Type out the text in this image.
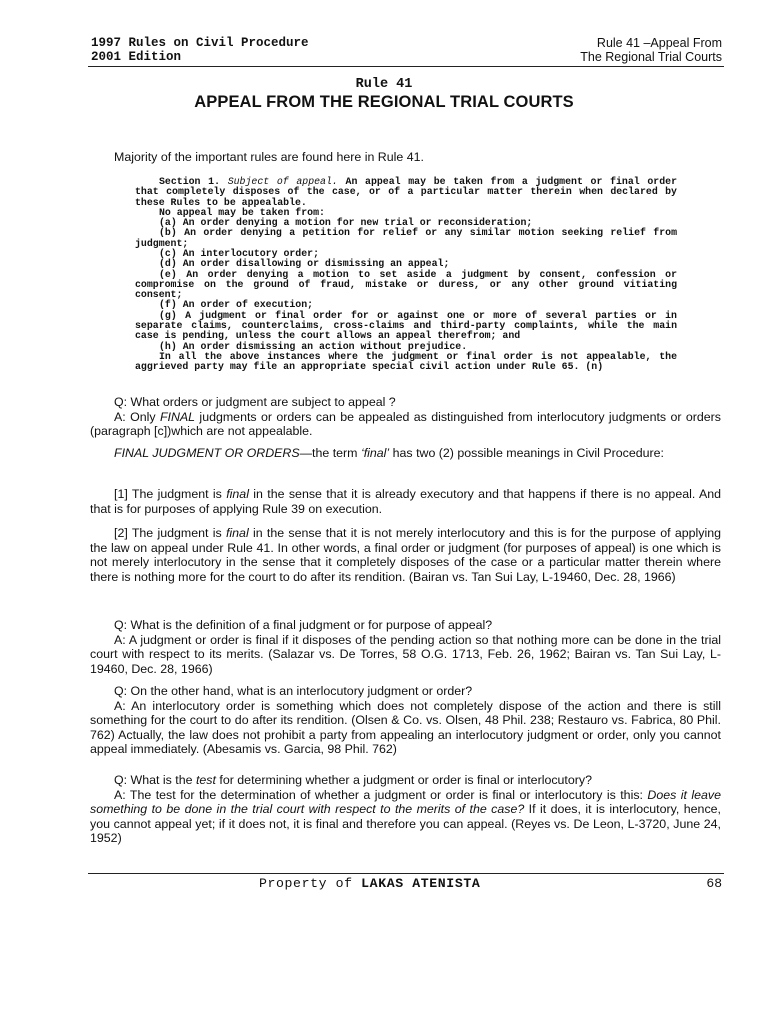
1997 Rules on Civil Procedure
2001 Edition
Rule 41 –Appeal From
The Regional Trial Courts
Rule 41
APPEAL FROM THE REGIONAL TRIAL COURTS
Majority of the important rules are found here in Rule 41.

Section 1. Subject of appeal. An appeal may be taken from a judgment or final order that completely disposes of the case, or of a particular matter therein when declared by these Rules to be appealable.

No appeal may be taken from:

(a) An order denying a motion for new trial or reconsideration;

(b) An order denying a petition for relief or any similar motion seeking relief from judgment;

(c) An interlocutory order;

(d) An order disallowing or dismissing an appeal;

(e) An order denying a motion to set aside a judgment by consent, confession or compromise on the ground of fraud, mistake or duress, or any other ground vitiating consent;

(f) An order of execution;

(g) A judgment or final order for or against one or more of several parties or in separate claims, counterclaims, cross-claims and third-party complaints, while the main case is pending, unless the court allows an appeal therefrom; and

(h) An order dismissing an action without prejudice.

In all the above instances where the judgment or final order is not appealable, the aggrieved party may file an appropriate special civil action under Rule 65. (n)

Q: What orders or judgment are subject to appeal ?

A: Only FINAL judgments or orders can be appealed as distinguished from interlocutory judgments or orders (paragraph [c])which are not appealable.

FINAL JUDGMENT OR ORDERS—the term ‘final’ has two (2) possible meanings in Civil Procedure:

[1] The judgment is final in the sense that it is already executory and that happens if there is no appeal. And that is for purposes of applying Rule 39 on execution.

[2] The judgment is final in the sense that it is not merely interlocutory and this is for the purpose of applying the law on appeal under Rule 41. In other words, a final order or judgment (for purposes of appeal) is one which is not merely interlocutory in the sense that it completely disposes of the case or a particular matter therein where there is nothing more for the court to do after its rendition. (Bairan vs. Tan Sui Lay, L-19460, Dec. 28, 1966)

Q: What is the definition of a final judgment or for purpose of appeal?

A: A judgment or order is final if it disposes of the pending action so that nothing more can be done in the trial court with respect to its merits. (Salazar vs. De Torres, 58 O.G. 1713, Feb. 26, 1962; Bairan vs. Tan Sui Lay, L-19460, Dec. 28, 1966)

Q: On the other hand, what is an interlocutory judgment or order?

A: An interlocutory order is something which does not completely dispose of the action and there is still something for the court to do after its rendition. (Olsen & Co. vs. Olsen, 48 Phil. 238; Restauro vs. Fabrica, 80 Phil. 762) Actually, the law does not prohibit a party from appealing an interlocutory judgment or order, only you cannot appeal immediately. (Abesamis vs. Garcia, 98 Phil. 762)

Q: What is the test for determining whether a judgment or order is final or interlocutory?

A: The test for the determination of whether a judgment or order is final or interlocutory is this: Does it leave something to be done in the trial court with respect to the merits of the case? If it does, it is interlocutory, hence, you cannot appeal yet; if it does not, it is final and therefore you can appeal. (Reyes vs. De Leon, L-3720, June 24, 1952)

Property of LAKAS ATENISTA	68
